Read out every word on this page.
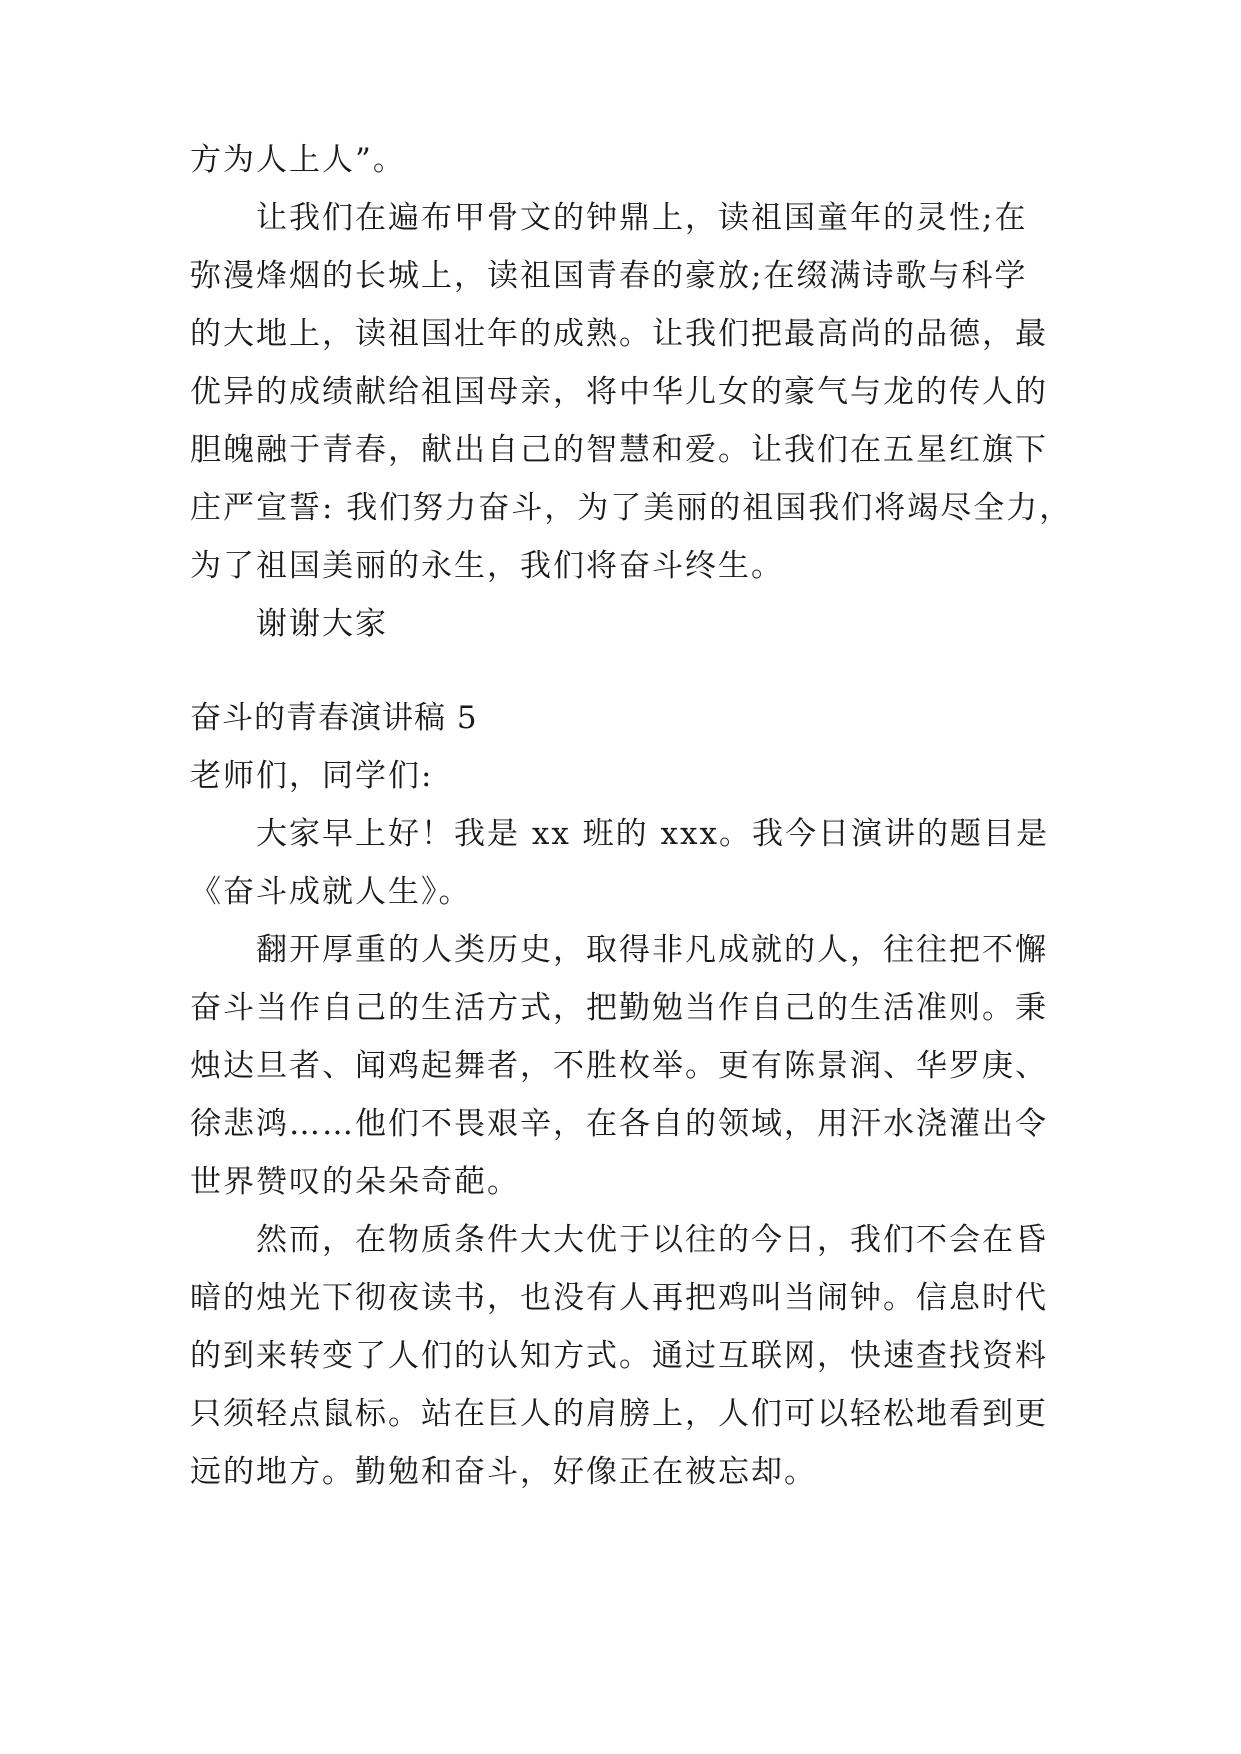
方为人上人”。
让我们在遍布甲骨文的钟鼎上，读祖国童年的灵性;在
弥漫烽烟的长城上，读祖国青春的豪放;在缀满诗歌与科学
的大地上，读祖国壮年的成熟。让我们把最高尚的品德，最
优异的成绩献给祖国母亲，将中华儿女的豪气与龙的传人的
胆魄融于青春，献出自己的智慧和爱。让我们在五星红旗下
庄严宣誓: 我们努力奋斗，为了美丽的祖国我们将竭尽全力，
为了祖国美丽的永生，我们将奋斗终生。
谢谢大家
奋斗的青春演讲稿 5
老师们，同学们:
大家早上好！我是 xx 班的 xxx。我今日演讲的题目是
《奋斗成就人生》。
翻开厚重的人类历史，取得非凡成就的人，往往把不懈
奋斗当作自己的生活方式，把勤勉当作自己的生活准则。秉
烛达旦者、闻鸡起舞者，不胜枚举。更有陈景润、华罗庚、
徐悲鸿……他们不畏艰辛，在各自的领域，用汗水浇灌出令
世界赞叹的朵朵奇葩。
然而，在物质条件大大优于以往的今日，我们不会在昏
暗的烛光下彻夜读书，也没有人再把鸡叫当闹钟。信息时代
的到来转变了人们的认知方式。通过互联网，快速查找资料
只须轻点鼠标。站在巨人的肩膀上，人们可以轻松地看到更
远的地方。勤勉和奋斗，好像正在被忘却。
